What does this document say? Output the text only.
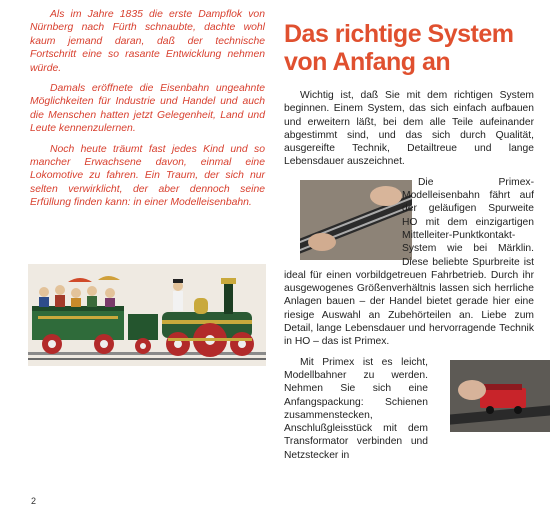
Als im Jahre 1835 die erste Dampflok von Nürnberg nach Fürth schnaubte, dachte wohl kaum jemand daran, daß der technische Fortschritt eine so rasante Entwicklung nehmen würde.

Damals eröffnete die Eisenbahn ungeahnte Möglichkeiten für Industrie und Handel und auch die Menschen hatten jetzt Gelegenheit, Land und Leute kennenzulernen.

Noch heute träumt fast jedes Kind und so mancher Erwachsene davon, einmal eine Lokomotive zu fahren. Ein Traum, der sich nur selten verwirklicht, der aber dennoch seine Erfüllung finden kann: in einer Modelleisenbahn.

Das richtige System
von Anfang an

Wichtig ist, daß Sie mit dem richtigen System beginnen. Einem System, das sich einfach aufbauen und erweitern läßt, bei dem alle Teile aufeinander abgestimmt sind, und das sich durch Qualität, ausgereifte Technik, Detailtreue und lange Lebensdauer auszeichnet.

Die Primex-Modelleisenbahn fährt auf der geläufigen Spurweite HO mit dem einzigartigen Mittelleiter-Punktkontakt-System wie bei Märklin. Diese beliebte Spurbreite ist ideal für einen vorbildgetreuen Fahrbetrieb. Durch ihr ausgewogenes Größenverhältnis lassen sich herrliche Anlagen bauen – der Handel bietet gerade hier eine riesige Auswahl an Zubehörteilen an. Liebe zum Detail, lange Lebensdauer und hervorragende Technik in HO – das ist Primex.

Mit Primex ist es leicht, Modellbahner zu werden. Nehmen Sie sich eine Anfangspackung: Schienen zusammenstecken, Anschlußgleisstück mit dem Transformator verbinden und Netzstecker in

2
